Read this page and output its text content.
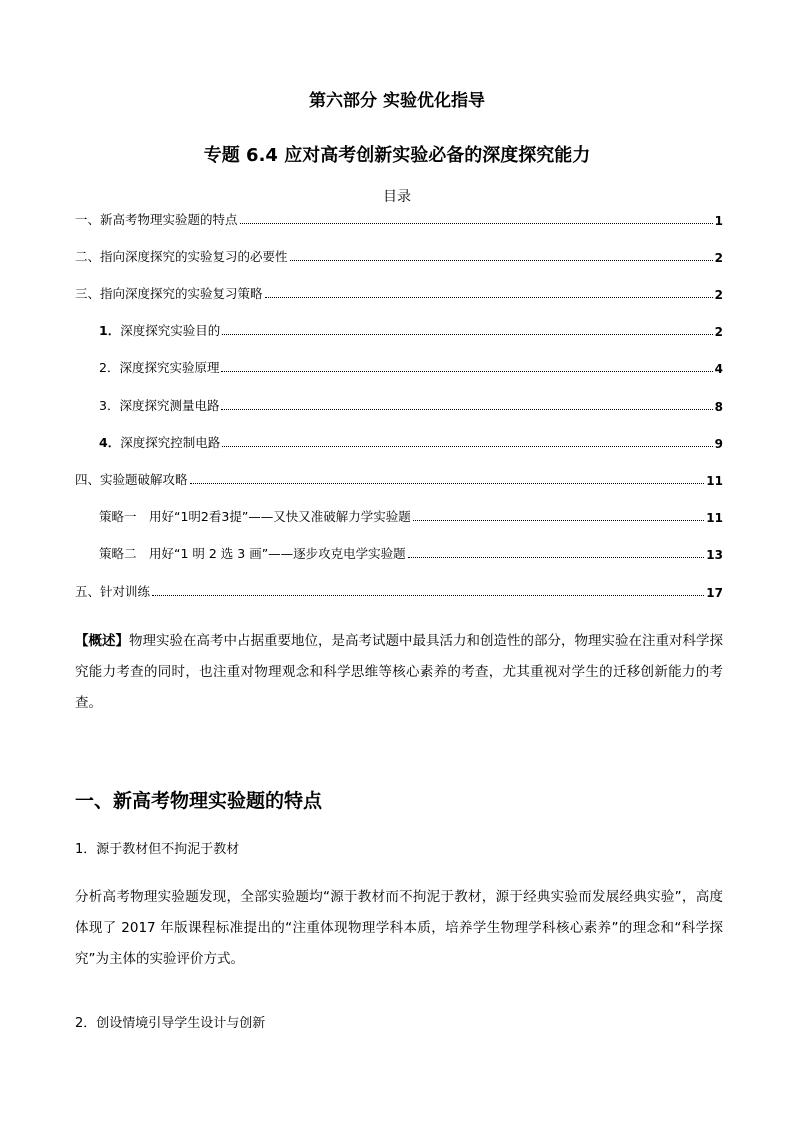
第六部分 实验优化指导
专题 6.4 应对高考创新实验必备的深度探究能力
目录
一、新高考物理实验题的特点	1
二、指向深度探究的实验复习的必要性	2
三、指向深度探究的实验复习策略	2
1．深度探究实验目的	2
2．深度探究实验原理	4
3．深度探究测量电路	8
4．深度探究控制电路	9
四、实验题破解攻略	11
策略一　用好“1明2看3提”——又快又准破解力学实验题	11
策略二　用好“1 明 2 选 3 画”——逐步攻克电学实验题	13
五、针对训练	17
【概述】物理实验在高考中占据重要地位，是高考试题中最具活力和创造性的部分，物理实验在注重对科学探究能力考查的同时，也注重对物理观念和科学思维等核心素养的考查，尤其重视对学生的迁移创新能力的考查。
一、新高考物理实验题的特点
1．源于教材但不拘泥于教材
分析高考物理实验题发现，全部实验题均“源于教材而不拘泥于教材，源于经典实验而发展经典实验”，高度体现了 2017 年版课程标准提出的“注重体现物理学科本质，培养学生物理学科核心素养”的理念和“科学探究”为主体的实验评价方式。
2．创设情境引导学生设计与创新
